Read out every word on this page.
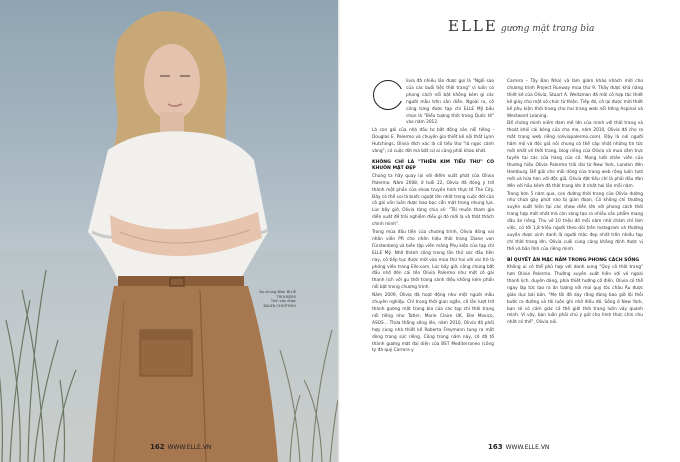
Áo nhung Blair BLUE
TROUSERS
Tinh váy được
BALEN CHOITHOU
162 WWW.ELLE.VN
ELLE gương mặt trang bìa

livia đã nhiều lần được gọi là "Ngôi sao của các buổi tiệc thời trang" vì luôn có phong cách nổi bật không kém gì các người mẫu trên sàn diễn. Ngoài ra, cô cũng từng được tạp chí ELLE Mỹ bầu chọn là "Biểu tượng thời trang Quốc tế" vào năm 2012.

Là con gái của nhà đầu tư bất động sản nổi tiếng - Douglas E. Palermo và chuyên gia thiết kế nội thất Lynn Hutchings, Olivia đích xác là cô tiểu thư "lá ngọc cành vàng", có cuộc đời mà bất cứ ai cũng phải khao khát.

KHÔNG CHỈ LÀ "THIÊN KIM TIỂU THƯ" CÓ KHUÔN MẶT ĐẸP

Chúng ta hãy quay lại với điểm xuất phát của Olivia Palermo. Năm 2008, ở tuổi 22, Olivia đã đóng ý trở thành một phần của show truyền hình thực tế The City. Đây có thể coi là bước ngoặt lớn nhất trong cuộc đời của cô gái vốn luôn được bao bọc cẩn mật trong nhung lụa. Lúc bấy giờ, Olivia từng chia sẻ: "Tôi muốn tham gia diễn xuất để trải nghiệm điều gì đó mới lạ và thật thách chính mình".

Trong mùa đầu tiên của chương trình, Olivia đóng vai nhân viên PR cho nhãn hiệu thời trang Diane von Fürstenberg và biên tập viên mảng Phụ kiện của tạp chí ELLE Mỹ. Nhờ thành công trong lần thử sức đầu tiên này, cô tiếp tục được mời vào mùa thứ hai với vai trò là phóng viên trang Elle.com. Lúc bấy giờ, công chúng bắt đầu nhớ đến cái tên Olivia Palermo như một cô gái thanh lịch với gu thời trang sành điệu không kém phần nổi bật trong chương trình.

Năm 2009, Olivia đã hoạt động như một người mẫu chuyên nghiệp. Chỉ trong thời gian ngắn, cô lần lượt trở thành gương mặt trang bìa của các tạp chí thời trang nổi tiếng như Tatler, Marie Claire UK, Elle Mexico, ASOS... Thừa thắng xông lên, năm 2010, Olivia đã phối hợp cùng nhà thiết kế Roberta Freymann tung ra một dòng trang sức riêng. Cũng trong năm này, cô đã tổ thành gương mặt đại diện của BST Mediterraneo (công ty đá quý Carrera y

Carrera – Tây Ban Nha) và làm giám khảo khách mời cho chương trình Project Runway mùa thứ 9. Thấy được khả năng thiết kế của Olivia, Stuart A. Weitzman đã mời cô hợp tác thiết kế giày cho một số chức từ thiện. Tiếp đó, cô lại được mời thiết kế phụ kiện thời trang cho hai trang web nổi tiếng Aspinal và Westward Leaning.

Để chứng minh niềm đam mê lớn của mình với thời trang và thoát khỏi cái bóng của cha mẹ, năm 2010, Olivia đã cho ra mắt trang web riêng (oliviapalermo.com). Đây là nơi người hâm mộ và độc giả nói chung có thể cập nhật những tin tức mới nhất về thời trang, blog riêng của Olivia và mua sắm trực tuyến tại các cửa hàng của cô. Mạng lưới nhân viên của thương hiệu Olivia Palermo trải dài từ New York, London đến Hamburg. Để giải cho mỗi dòng của trang web rộng luôn tươi mới và hứa hẹn với độc giả, Olivia đặt tiêu chí là phải đầu đàn đến với hầu kênh đã thời trang lớn ít nhất hai lần mỗi năm.

Trong hơn 5 năm qua, con đường thời trang của Olivia dường như chưa gây phút nào bị gián đoạn. Có không chỉ thường xuyên xuất hiện tại các show diễn lớn với phong cách thời trang hợp mốt nhất mà còn sáng tạo ra nhiều sản phẩm mang dấu ấn riêng. Thu về 10 triệu đô mỗi năm nhờ chăm chỉ làm việc, có tới 1,8 triệu người theo dõi trên Instagram và thường xuyên được vinh danh là người mặc đẹp nhất trên nhiều tạp chí thời trang lớn, Olivia cuối cùng cũng khẳng định được vị thế và bản lĩnh của riêng mình.

BÍ QUYẾT ĂN MẶC NẰM TRONG PHONG CÁCH SỐNG

Không ai có thể phủ hợp với danh xưng "Quý cô thời trang" hơn Olivia Palermo. Thường xuyên xuất hiện với vẻ ngoài thanh lịch, duyên dáng, phía thiết hướng cổ điển, Olivia có thể ngay lập tức tạo ra ấn tượng với mọi quý tóc chậu Âu được giáo dục bài bản. "Mẹ tôi đã dạy rằng đừng bao giờ lôi thôi bước ra đường và tôi luôn ghi nhớ điều đó. Sống ở New York, bạn sẽ có cảm giác cả thế giới thời trang luôn vây quanh mình. Vì vậy, bạn luôn phải chú ý giữ cho hình thức chìn chu nhất có thể", Olivia nói.

163 WWW.ELLE.VN
